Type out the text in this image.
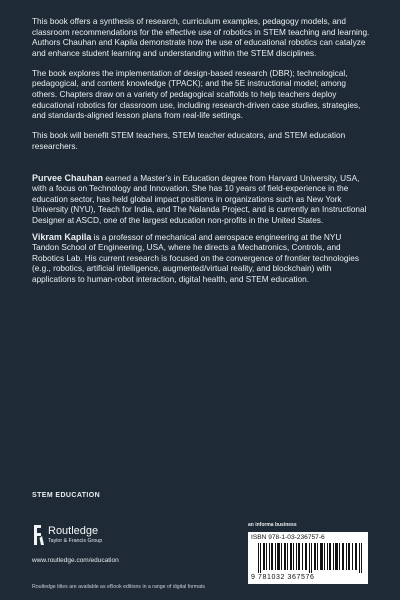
This book offers a synthesis of research, curriculum examples, pedagogy models, and classroom recommendations for the effective use of robotics in STEM teaching and learning. Authors Chauhan and Kapila demonstrate how the use of educational robotics can catalyze and enhance student learning and understanding within the STEM disciplines.

The book explores the implementation of design-based research (DBR); technological, pedagogical, and content knowledge (TPACK); and the 5E instructional model; among others. Chapters draw on a variety of pedagogical scaffolds to help teachers deploy educational robotics for classroom use, including research-driven case studies, strategies, and standards-aligned lesson plans from real-life settings.

This book will benefit STEM teachers, STEM teacher educators, and STEM education researchers.

Purvee Chauhan earned a Master’s in Education degree from Harvard University, USA, with a focus on Technology and Innovation. She has 10 years of field-experience in the education sector, has held global impact positions in organizations such as New York University (NYU), Teach for India, and The Nalanda Project, and is currently an Instructional Designer at ASCD, one of the largest education non-profits in the United States.

Vikram Kapila is a professor of mechanical and aerospace engineering at the NYU Tandon School of Engineering, USA, where he directs a Mechatronics, Controls, and Robotics Lab. His current research is focused on the convergence of frontier technologies (e.g., robotics, artificial intelligence, augmented/virtual reality, and blockchain) with applications to human-robot interaction, digital health, and STEM education.

STEM EDUCATION
Routledge
Taylor & Francis Group
www.routledge.com/education
Routledge titles are available as eBook editions in a range of digital formats
an informa business
ISBN 978-1-03-236757-6
9 781032 367576
